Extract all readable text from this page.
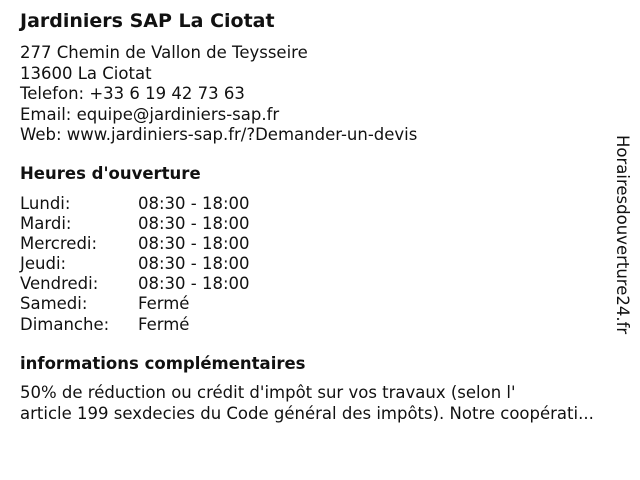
Jardiniers SAP La Ciotat
277 Chemin de Vallon de Teysseire
13600 La Ciotat
Telefon: +33 6 19 42 73 63
Email: equipe@jardiniers-sap.fr
Web: www.jardiniers-sap.fr/?Demander-un-devis
Heures d'ouverture
Lundi:	08:30 - 18:00
Mardi:	08:30 - 18:00
Mercredi: 08:30 - 18:00
Jeudi:	08:30 - 18:00
Vendredi: 08:30 - 18:00
Samedi:	Fermé
Dimanche: Fermé
informations complémentaires
50% de réduction ou crédit d'impôt sur vos travaux (selon l'
article 199 sexdecies du Code général des impôts). Notre coopérati...
Horairesdouverture24.fr
